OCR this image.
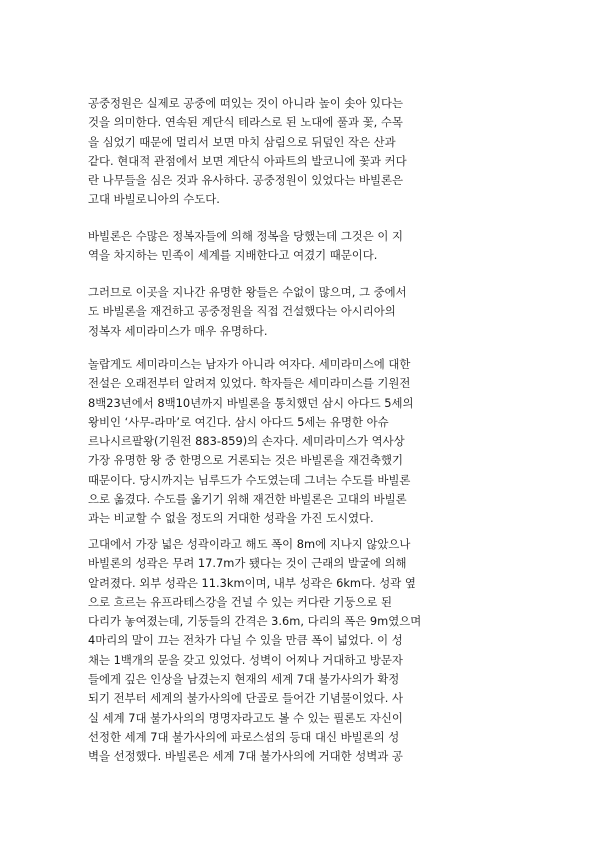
공중정원은 실제로 공중에 떠있는 것이 아니라 높이 솟아 있다는
것을 의미한다. 연속된 계단식 테라스로 된 노대에 풀과 꽃, 수목
을 심었기 때문에 멀리서 보면 마치 삼림으로 뒤덮인 작은 산과
같다. 현대적 관점에서 보면 계단식 아파트의 발코니에 꽃과 커다
란 나무들을 심은 것과 유사하다. 공중정원이 있었다는 바빌론은
고대 바빌로니아의 수도다.
바빌론은 수많은 정복자들에 의해 정복을 당했는데 그것은 이 지
역을 차지하는 민족이 세계를 지배한다고 여겼기 때문이다.
그러므로 이곳을 지나간 유명한 왕들은 수없이 많으며, 그 중에서
도 바빌론을 재건하고 공중정원을 직접 건설했다는 아시리아의
정복자 세미라미스가 매우 유명하다.
놀랍게도 세미라미스는 남자가 아니라 여자다. 세미라미스에 대한
전설은 오래전부터 알려져 있었다. 학자들은 세미라미스를 기원전
8백23년에서 8백10년까지 바빌론을 통치했던 삼시 아다드 5세의
왕비인 ‘사무-라마’로 여긴다. 삼시 아다드 5세는 유명한 아슈
르나시르팔왕(기원전 883-859)의 손자다. 세미라미스가 역사상
가장 유명한 왕 중 한명으로 거론되는 것은 바빌론을 재건축했기
때문이다. 당시까지는 님루드가 수도였는데 그녀는 수도를 바빌론
으로 옮겼다. 수도를 옮기기 위해 재건한 바빌론은 고대의 바빌론
과는 비교할 수 없을 정도의 거대한 성곽을 가진 도시였다.
고대에서 가장 넓은 성곽이라고 해도 폭이 8m에 지나지 않았으나
바빌론의 성곽은 무려 17.7m가 됐다는 것이 근래의 발굴에 의해
알려졌다. 외부 성곽은 11.3km이며, 내부 성곽은 6km다. 성곽 옆
으로 흐르는 유프라테스강을 건널 수 있는 커다란 기둥으로 된
다리가 놓여졌는데, 기둥들의 간격은 3.6m, 다리의 폭은 9m였으며
4마리의 말이 끄는 전차가 다닐 수 있을 만큼 폭이 넓었다. 이 성
채는 1백개의 문을 갖고 있었다. 성벽이 어찌나 거대하고 방문자
들에게 깊은 인상을 남겼는지 현재의 세계 7대 불가사의가 확정
되기 전부터 세계의 불가사의에 단골로 들어간 기념물이었다. 사
실 세계 7대 불가사의의 명명자라고도 볼 수 있는 필론도 자신이
선정한 세계 7대 불가사의에 파로스섬의 등대 대신 바빌론의 성
벽을 선정했다. 바빌론은 세계 7대 불가사의에 거대한 성벽과 공
